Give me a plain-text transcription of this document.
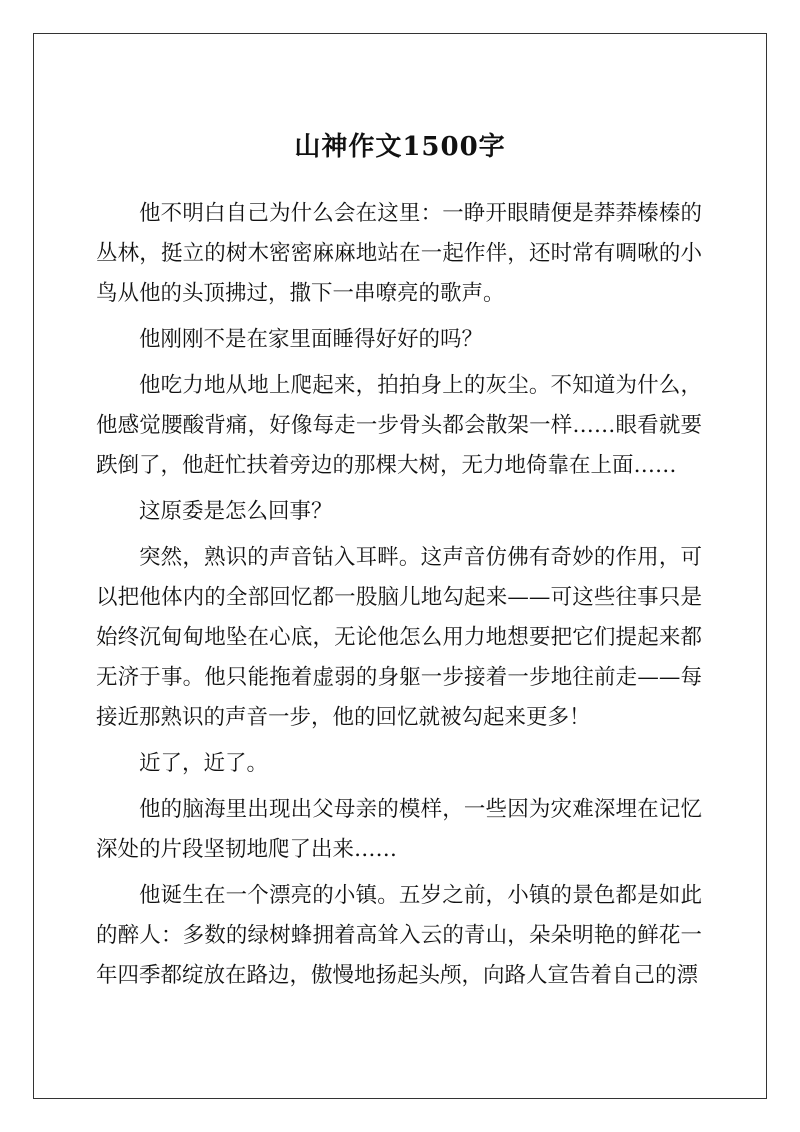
山神作文1500字

他不明白自己为什么会在这里：一睁开眼睛便是莽莽榛榛的丛林，挺立的树木密密麻麻地站在一起作伴，还时常有啁啾的小鸟从他的头顶拂过，撒下一串嘹亮的歌声。

他刚刚不是在家里面睡得好好的吗？

他吃力地从地上爬起来，拍拍身上的灰尘。不知道为什么，他感觉腰酸背痛，好像每走一步骨头都会散架一样……眼看就要跌倒了，他赶忙扶着旁边的那棵大树，无力地倚靠在上面……

这原委是怎么回事？

突然，熟识的声音钻入耳畔。这声音仿佛有奇妙的作用，可以把他体内的全部回忆都一股脑儿地勾起来——可这些往事只是始终沉甸甸地坠在心底，无论他怎么用力地想要把它们提起来都无济于事。他只能拖着虚弱的身躯一步接着一步地往前走——每接近那熟识的声音一步，他的回忆就被勾起来更多！

近了，近了。

他的脑海里出现出父母亲的模样，一些因为灾难深埋在记忆深处的片段坚韧地爬了出来……

他诞生在一个漂亮的小镇。五岁之前，小镇的景色都是如此的醉人：多数的绿树蜂拥着高耸入云的青山，朵朵明艳的鲜花一年四季都绽放在路边，傲慢地扬起头颅，向路人宣告着自己的漂
